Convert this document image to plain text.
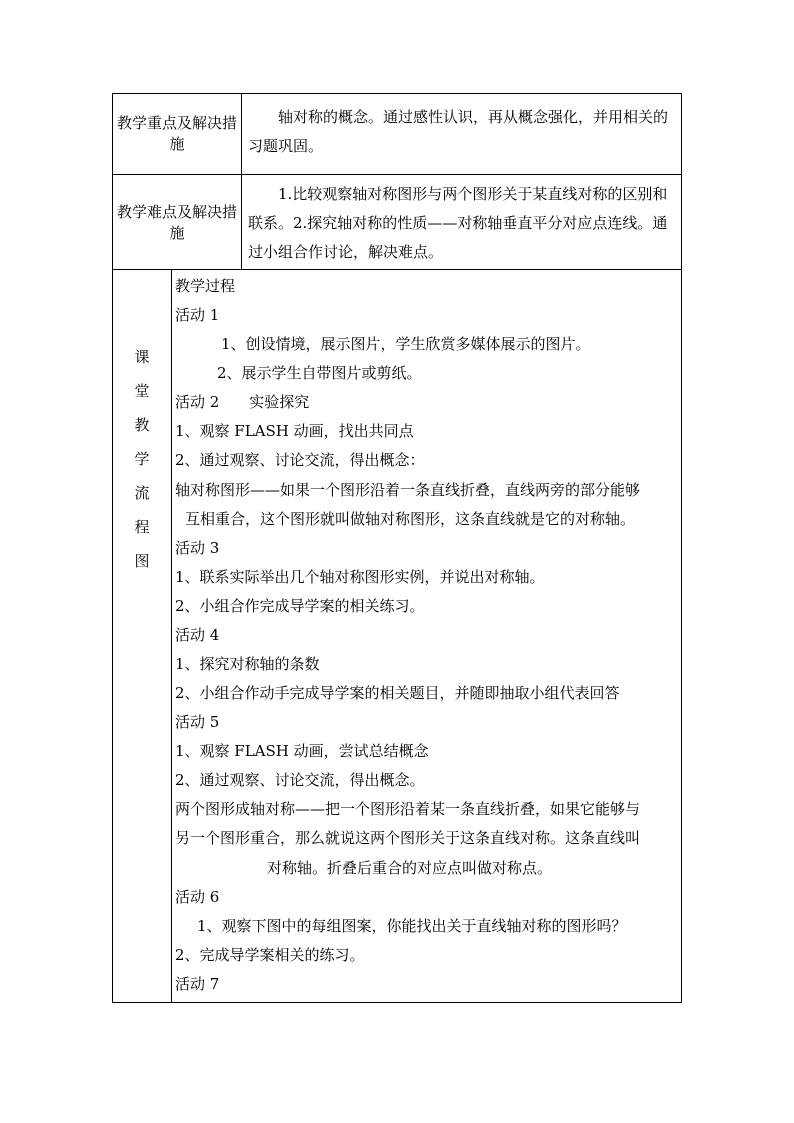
教学重点及解决措施
轴对称的概念。通过感性认识，再从概念强化，并用相关的习题巩固。
教学难点及解决措施
1.比较观察轴对称图形与两个图形关于某直线对称的区别和联系。2.探究轴对称的性质——对称轴垂直平分对应点连线。通过小组合作讨论，解决难点。
课
堂
教
学
流
程
图
教学过程
活动 1
1、创设情境，展示图片，学生欣赏多媒体展示的图片。
2、展示学生自带图片或剪纸。
活动 2　　实验探究
1、观察 FLASH 动画，找出共同点
2、通过观察、讨论交流，得出概念：
轴对称图形——如果一个图形沿着一条直线折叠，直线两旁的部分能够
互相重合，这个图形就叫做轴对称图形，这条直线就是它的对称轴。
活动 3
1、联系实际举出几个轴对称图形实例，并说出对称轴。
2、小组合作完成导学案的相关练习。
活动 4
1、探究对称轴的条数
2、小组合作动手完成导学案的相关题目，并随即抽取小组代表回答
活动 5
1、观察 FLASH 动画，尝试总结概念
2、通过观察、讨论交流，得出概念。
两个图形成轴对称——把一个图形沿着某一条直线折叠，如果它能够与
另一个图形重合，那么就说这两个图形关于这条直线对称。这条直线叫
对称轴。折叠后重合的对应点叫做对称点。
活动 6
1、观察下图中的每组图案，你能找出关于直线轴对称的图形吗？
2、完成导学案相关的练习。
活动 7
